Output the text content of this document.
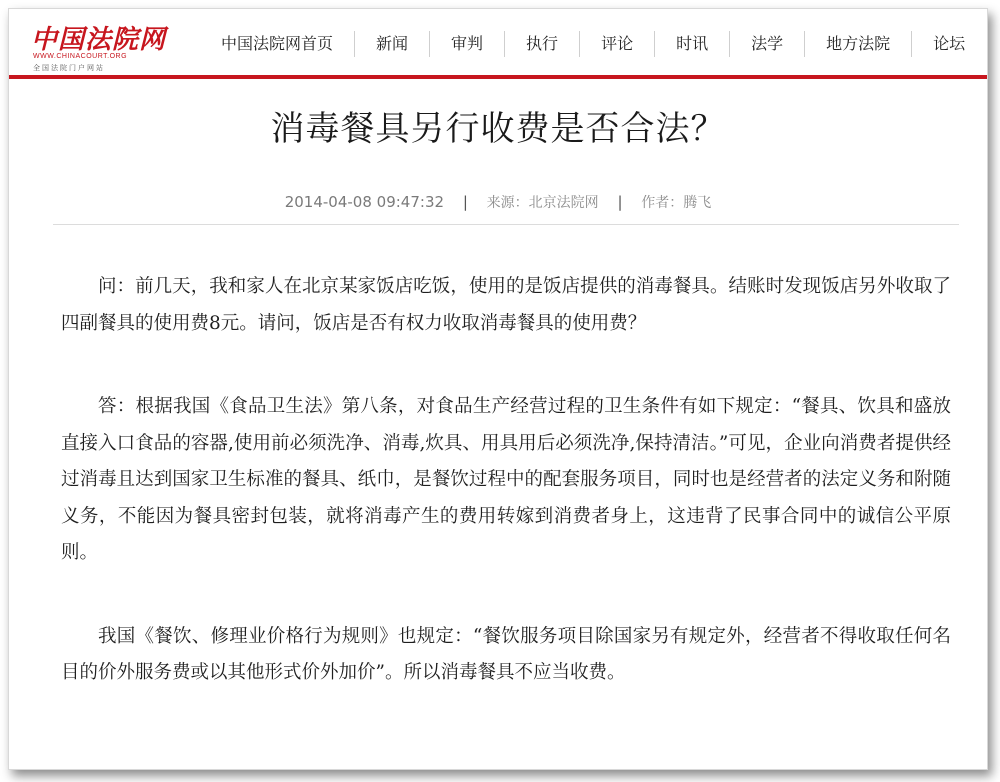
中国法院网
WWW.CHINACOURT.ORG
全国法院门户网站
中国法院网首页	新闻	审判	执行	评论	时讯	法学	地方法院	论坛
消毒餐具另行收费是否合法？
2014-04-08 09:47:32 | 来源：北京法院网 | 作者：腾飞

问：前几天，我和家人在北京某家饭店吃饭，使用的是饭店提供的消毒餐具。结账时发现饭店另外收取了四副餐具的使用费8元。请问，饭店是否有权力收取消毒餐具的使用费？

答：根据我国《食品卫生法》第八条，对食品生产经营过程的卫生条件有如下规定：“餐具、饮具和盛放直接入口食品的容器,使用前必须洗净、消毒,炊具、用具用后必须洗净,保持清洁。”可见，企业向消费者提供经过消毒且达到国家卫生标准的餐具、纸巾，是餐饮过程中的配套服务项目，同时也是经营者的法定义务和附随义务，不能因为餐具密封包装，就将消毒产生的费用转嫁到消费者身上，这违背了民事合同中的诚信公平原则。

我国《餐饮、修理业价格行为规则》也规定：“餐饮服务项目除国家另有规定外，经营者不得收取任何名目的价外服务费或以其他形式价外加价”。所以消毒餐具不应当收费。
